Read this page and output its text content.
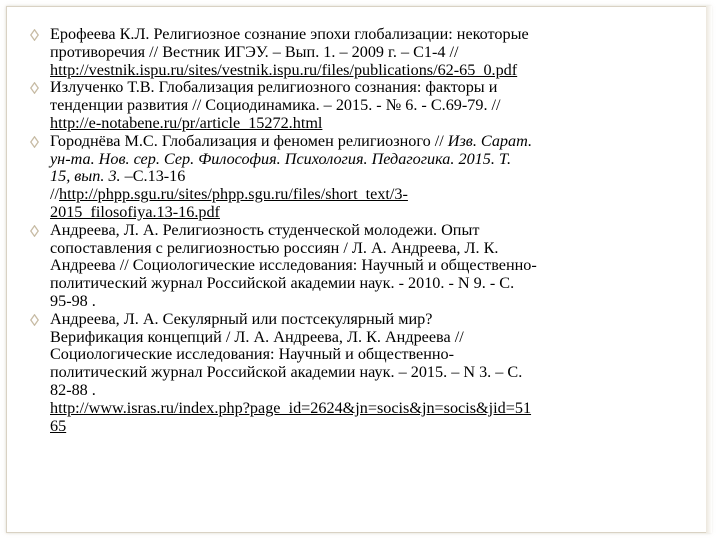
Ерофеева К.Л. Религиозное сознание эпохи глобализации: некоторые
противоречия // Вестник ИГЭУ. – Вып. 1. – 2009 г. – С1-4 //
http://vestnik.ispu.ru/sites/vestnik.ispu.ru/files/publications/62-65_0.pdf
Излученко Т.В. Глобализация религиозного сознания: факторы и
тенденции развития // Социодинамика. – 2015. - № 6. - С.69-79. //
http://e-notabene.ru/pr/article_15272.html
Городнёва М.С. Глобализация и феномен религиозного // Изв. Сарат.
ун-та. Нов. сер. Сер. Философия. Психология. Педагогика. 2015. Т.
15, вып. 3. –С.13-16
//http://phpp.sgu.ru/sites/phpp.sgu.ru/files/short_text/3-
2015_filosofiya.13-16.pdf
Андреева, Л. А. Религиозность студенческой молодежи. Опыт
сопоставления с религиозностью россиян / Л. А. Андреева, Л. К.
Андреева // Социологические исследования: Научный и общественно-
политический журнал Российской академии наук. - 2010. - N 9. - С.
95-98 .
Андреева, Л. А. Секулярный или постсекулярный мир?
Верификация концепций / Л. А. Андреева, Л. К. Андреева //
Социологические исследования: Научный и общественно-
политический журнал Российской академии наук. – 2015. – N 3. – С.
82-88 .
http://www.isras.ru/index.php?page_id=2624&jn=socis&jn=socis&jid=51
65
